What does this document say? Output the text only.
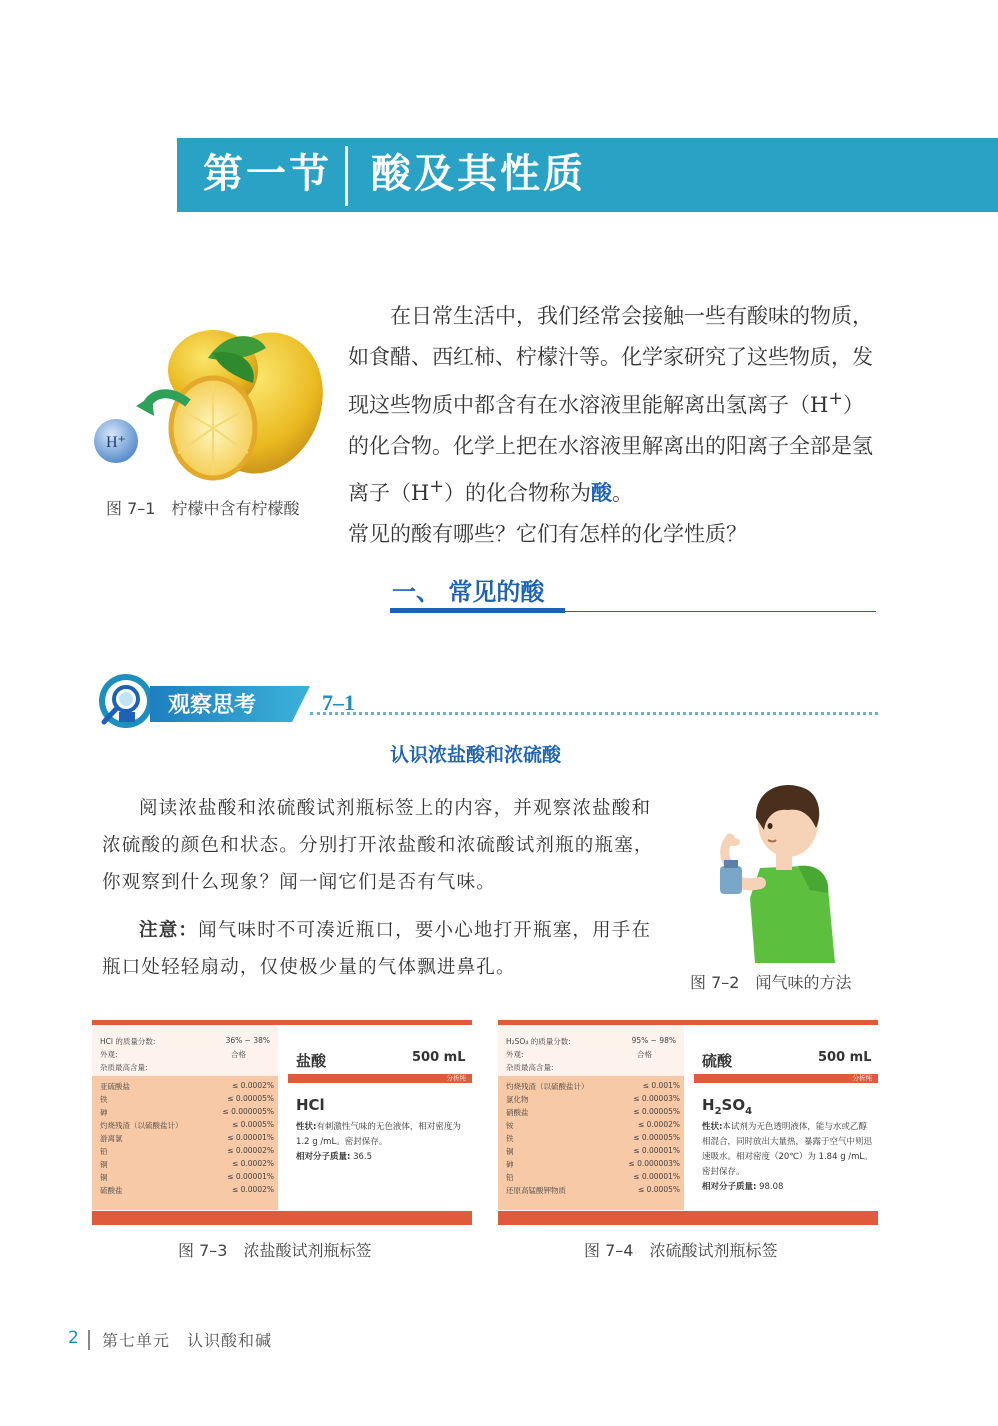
第一节 酸及其性质
H⁺
图 7–1　柠檬中含有柠檬酸

在日常生活中，我们经常会接触一些有酸味的物质，如食醋、西红柿、柠檬汁等。化学家研究了这些物质，发现这些物质中都含有在水溶液里能解离出氢离子（H+）的化合物。化学上把在水溶液里解离出的阳离子全部是氢离子（H+）的化合物称为酸。

常见的酸有哪些？它们有怎样的化学性质？

一、 常见的酸
观察思考	7–1
认识浓盐酸和浓硫酸

阅读浓盐酸和浓硫酸试剂瓶标签上的内容，并观察浓盐酸和浓硫酸的颜色和状态。分别打开浓盐酸和浓硫酸试剂瓶的瓶塞，你观察到什么现象？闻一闻它们是否有气味。

注意：闻气味时不可凑近瓶口，要小心地打开瓶塞，用手在瓶口处轻轻扇动，仅使极少量的气体飘进鼻孔。

图 7–2　闻气味的方法
HCl 的质量分数:	36% ~ 38%
外观:	合格
杂质最高含量:
亚硫酸盐	≤ 0.0002%
铁	≤ 0.00005%
砷	≤ 0.000005%
灼烧残渣（以硫酸盐计）	≤ 0.0005%
游离氯	≤ 0.00001%
铅	≤ 0.00002%
铜	≤ 0.0002%
铜	≤ 0.00001%
硫酸盐	≤ 0.0002%
盐酸	500 mL
分析纯
HCl
性状:有刺激性气味的无色液体，相对密度为 1.2 g /mL。密封保存。
相对分子质量: 36.5
图 7–3　浓盐酸试剂瓶标签
H₂SO₄ 的质量分数:	95% ~ 98%
外观:	合格
杂质最高含量:
灼烧残渣（以硫酸盐计）	≤ 0.001%
氯化物	≤ 0.00003%
硝酸盐	≤ 0.00005%
铵	≤ 0.0002%
铁	≤ 0.00005%
铜	≤ 0.00001%
砷	≤ 0.000003%
铅	≤ 0.00001%
还原高锰酸钾物质	≤ 0.0005%
硫酸	500 mL
分析纯
$H_2SO_4$
性状:本试剂为无色透明液体，能与水或乙醇相混合，同时放出大量热，暴露于空气中则迅速吸水。相对密度（20℃）为 1.84 g /mL。密封保存。
相对分子质量: 98.08
图 7–4　浓硫酸试剂瓶标签
2 第七单元　认识酸和碱
